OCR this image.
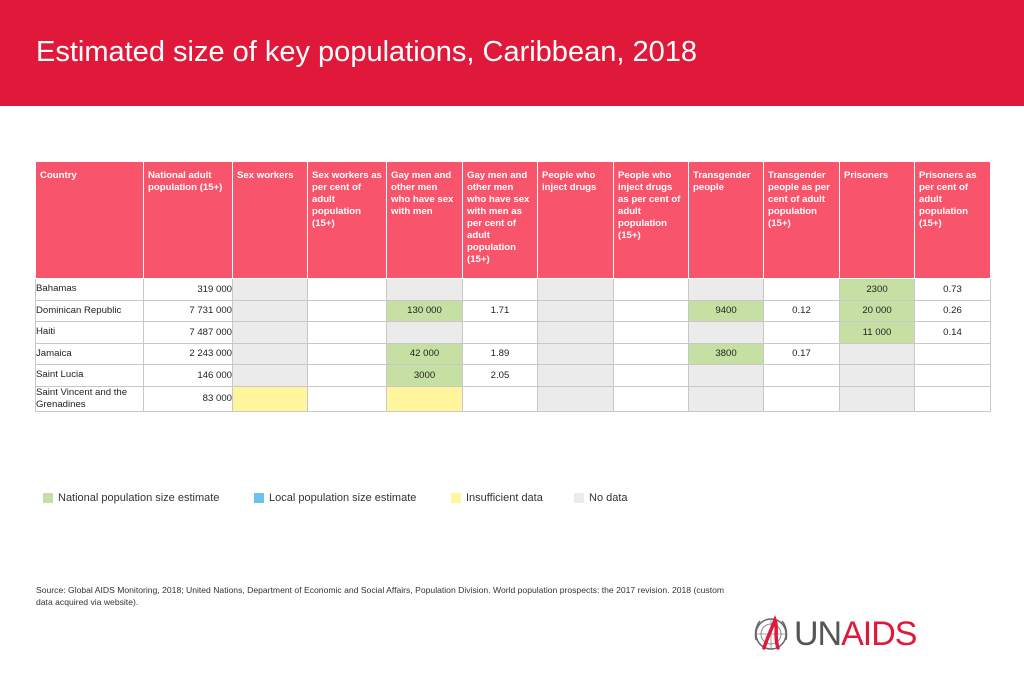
Estimated size of key populations, Caribbean, 2018
Country	National adult population (15+)	Sex workers	Sex workers as per cent of adult population (15+)	Gay men and other men who have sex with men	Gay men and other men who have sex with men as per cent of adult population (15+)	People who inject drugs	People who inject drugs as per cent of adult population (15+)	Transgender people	Transgender people as per cent of adult population (15+)	Prisoners	Prisoners as per cent of adult population (15+)
Bahamas	319 000									2300	0.73
Dominican Republic	7 731 000			130 000	1.71			9400	0.12	20 000	0.26
Haiti	7 487 000									11 000	0.14
Jamaica	2 243 000			42 000	1.89			3800	0.17		
Saint Lucia	146 000			3000	2.05						
Saint Vincent and the Grenadines	83 000										
National population size estimate	Local population size estimate	Insufficient data	No data
Source: Global AIDS Monitoring, 2018; United Nations, Department of Economic and Social Affairs, Population Division. World population prospects: the 2017 revision. 2018 (custom data acquired via website).
UNAIDS
